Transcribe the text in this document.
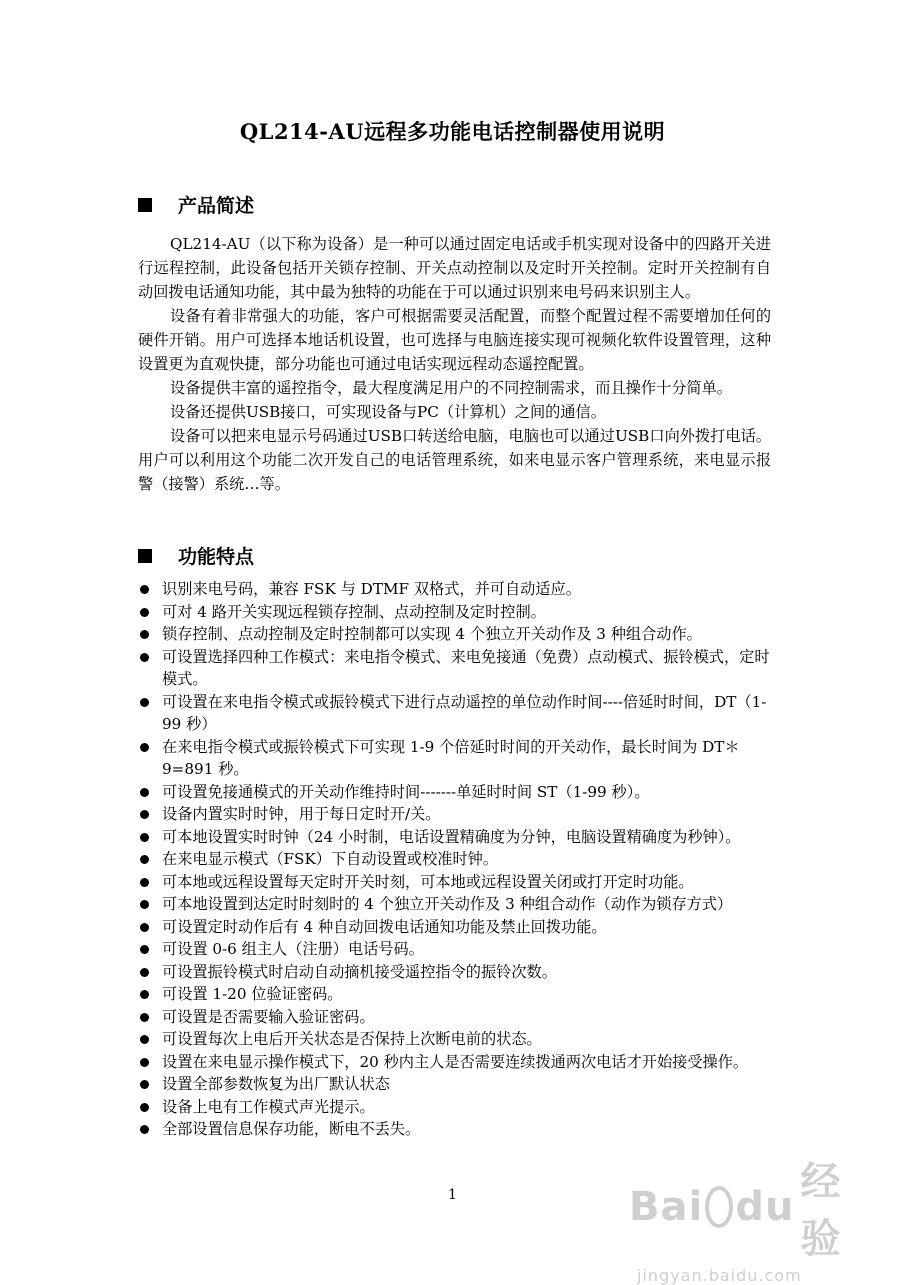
QL214-AU远程多功能电话控制器使用说明
产品简述

QL214-AU（以下称为设备）是一种可以通过固定电话或手机实现对设备中的四路开关进行远程控制，此设备包括开关锁存控制、开关点动控制以及定时开关控制。定时开关控制有自动回拨电话通知功能，其中最为独特的功能在于可以通过识别来电号码来识别主人。

设备有着非常强大的功能，客户可根据需要灵活配置，而整个配置过程不需要增加任何的硬件开销。用户可选择本地话机设置，也可选择与电脑连接实现可视频化软件设置管理，这种设置更为直观快捷，部分功能也可通过电话实现远程动态遥控配置。

设备提供丰富的遥控指令，最大程度满足用户的不同控制需求，而且操作十分简单。

设备还提供USB接口，可实现设备与PC（计算机）之间的通信。

设备可以把来电显示号码通过USB口转送给电脑，电脑也可以通过USB口向外拨打电话。用户可以利用这个功能二次开发自己的电话管理系统，如来电显示客户管理系统，来电显示报警（接警）系统…等。

功能特点
识别来电号码，兼容 FSK 与 DTMF 双格式，并可自动适应。
可对 4 路开关实现远程锁存控制、点动控制及定时控制。
锁存控制、点动控制及定时控制都可以实现 4 个独立开关动作及 3 种组合动作。
可设置选择四种工作模式：来电指令模式、来电免接通（免费）点动模式、振铃模式，定时模式。
可设置在来电指令模式或振铃模式下进行点动遥控的单位动作时间----倍延时时间，DT（1-99 秒）
在来电指令模式或振铃模式下可实现 1-9 个倍延时时间的开关动作，最长时间为 DT＊9=891 秒。
可设置免接通模式的开关动作维持时间-------单延时时间 ST（1-99 秒）。
设备内置实时时钟，用于每日定时开/关。
可本地设置实时时钟（24 小时制，电话设置精确度为分钟，电脑设置精确度为秒钟）。
在来电显示模式（FSK）下自动设置或校准时钟。
可本地或远程设置每天定时开关时刻，可本地或远程设置关闭或打开定时功能。
可本地设置到达定时时刻时的 4 个独立开关动作及 3 种组合动作（动作为锁存方式）
可设置定时动作后有 4 种自动回拨电话通知功能及禁止回拨功能。
可设置 0-6 组主人（注册）电话号码。
可设置振铃模式时启动自动摘机接受遥控指令的振铃次数。
可设置 1-20 位验证密码。
可设置是否需要输入验证密码。
可设置每次上电后开关状态是否保持上次断电前的状态。
设置在来电显示操作模式下，20 秒内主人是否需要连续拨通两次电话才开始接受操作。
设置全部参数恢复为出厂默认状态
设备上电有工作模式声光提示。
全部设置信息保存功能，断电不丢失。
1	Bai du
经验
jingyan.baidu.com
